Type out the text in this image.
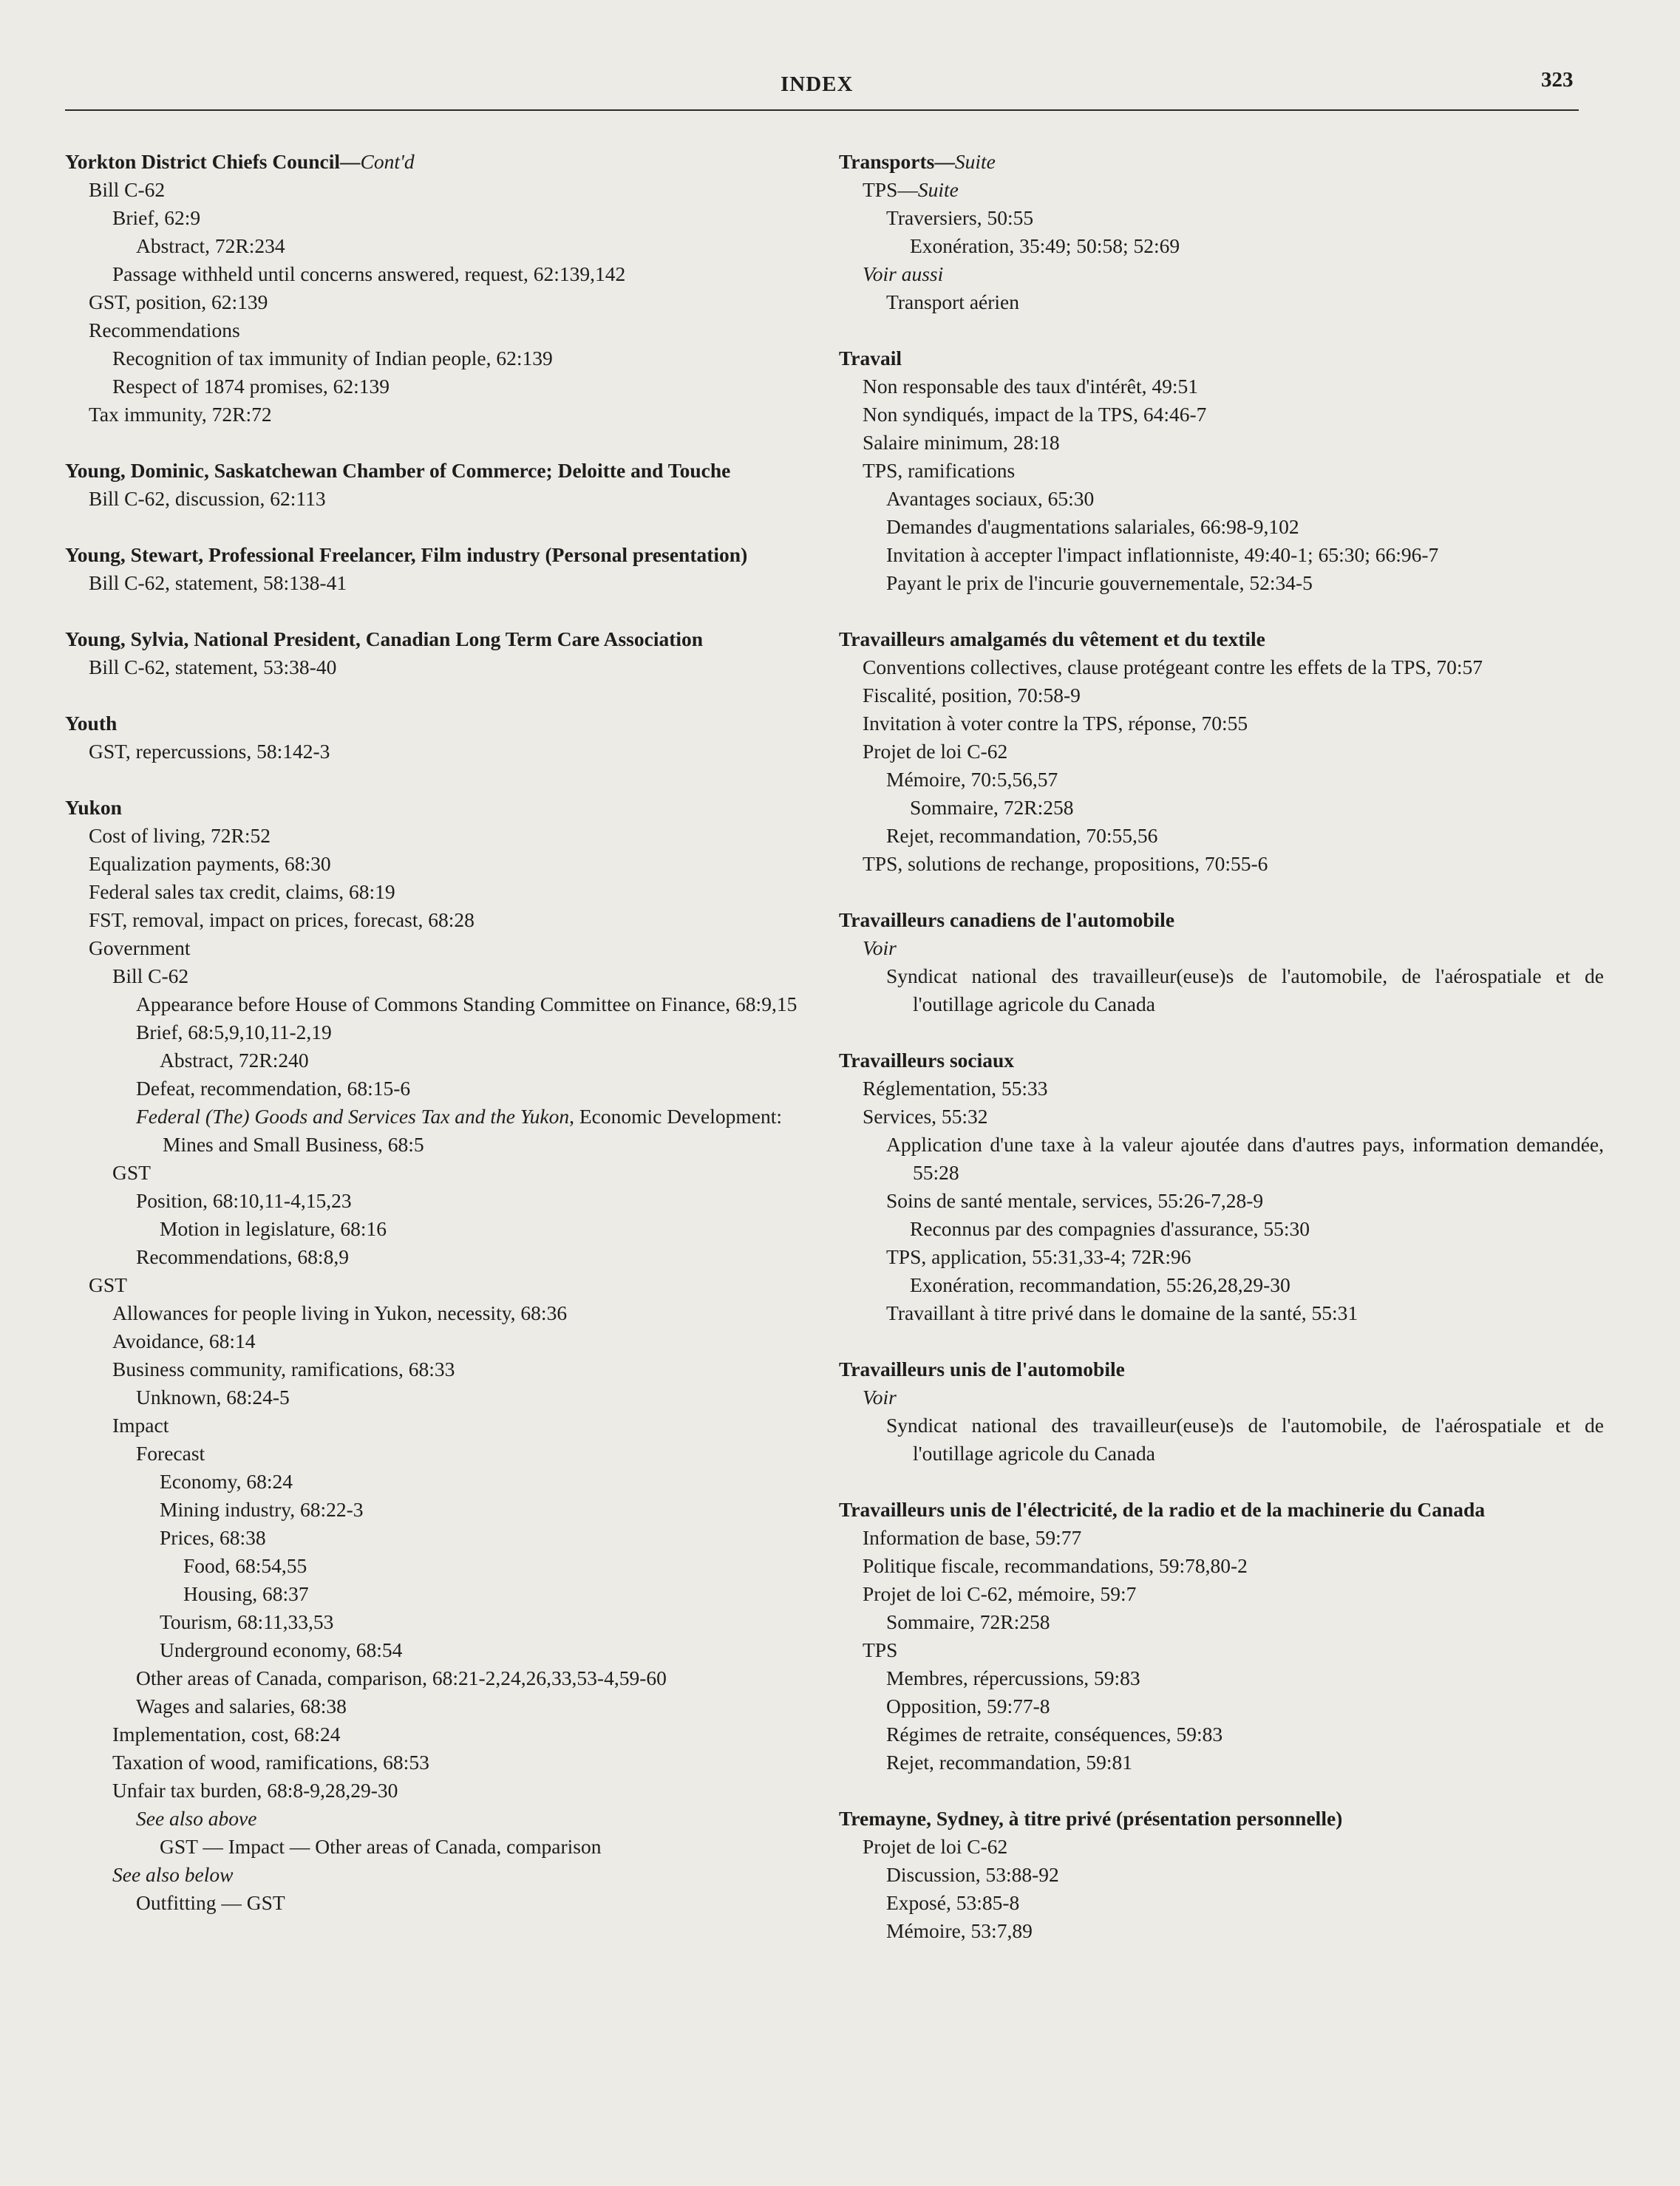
INDEX	323
Yorkton District Chiefs Council—Cont'd
Bill C-62
Brief, 62:9
Abstract, 72R:234
Passage withheld until concerns answered, request, 62:139,142
GST, position, 62:139
Recommendations
Recognition of tax immunity of Indian people, 62:139
Respect of 1874 promises, 62:139
Tax immunity, 72R:72
Young, Dominic, Saskatchewan Chamber of Commerce; Deloitte and Touche
Bill C-62, discussion, 62:113
Young, Stewart, Professional Freelancer, Film industry (Personal presentation)
Bill C-62, statement, 58:138-41
Young, Sylvia, National President, Canadian Long Term Care Association
Bill C-62, statement, 53:38-40
Youth
GST, repercussions, 58:142-3
Yukon
Cost of living, 72R:52
Equalization payments, 68:30
Federal sales tax credit, claims, 68:19
FST, removal, impact on prices, forecast, 68:28
Government
Bill C-62
Appearance before House of Commons Standing Committee on Finance, 68:9,15
Brief, 68:5,9,10,11-2,19
Abstract, 72R:240
Defeat, recommendation, 68:15-6
Federal (The) Goods and Services Tax and the Yukon, Economic Development: Mines and Small Business, 68:5
GST
Position, 68:10,11-4,15,23
Motion in legislature, 68:16
Recommendations, 68:8,9
GST
Allowances for people living in Yukon, necessity, 68:36
Avoidance, 68:14
Business community, ramifications, 68:33
Unknown, 68:24-5
Impact
Forecast
Economy, 68:24
Mining industry, 68:22-3
Prices, 68:38
Food, 68:54,55
Housing, 68:37
Tourism, 68:11,33,53
Underground economy, 68:54
Other areas of Canada, comparison, 68:21-2,24,26,33,53-4,59-60
Wages and salaries, 68:38
Implementation, cost, 68:24
Taxation of wood, ramifications, 68:53
Unfair tax burden, 68:8-9,28,29-30
See also above
GST — Impact — Other areas of Canada, comparison
See also below
Outfitting — GST
Transports—Suite
TPS—Suite
Traversiers, 50:55
Exonération, 35:49; 50:58; 52:69
Voir aussi
Transport aérien
Travail
Non responsable des taux d'intérêt, 49:51
Non syndiqués, impact de la TPS, 64:46-7
Salaire minimum, 28:18
TPS, ramifications
Avantages sociaux, 65:30
Demandes d'augmentations salariales, 66:98-9,102
Invitation à accepter l'impact inflationniste, 49:40-1; 65:30; 66:96-7
Payant le prix de l'incurie gouvernementale, 52:34-5
Travailleurs amalgamés du vêtement et du textile
Conventions collectives, clause protégeant contre les effets de la TPS, 70:57
Fiscalité, position, 70:58-9
Invitation à voter contre la TPS, réponse, 70:55
Projet de loi C-62
Mémoire, 70:5,56,57
Sommaire, 72R:258
Rejet, recommandation, 70:55,56
TPS, solutions de rechange, propositions, 70:55-6
Travailleurs canadiens de l'automobile
Voir
Syndicat national des travailleur(euse)s de l'automobile, de l'aérospatiale et de l'outillage agricole du Canada
Travailleurs sociaux
Réglementation, 55:33
Services, 55:32
Application d'une taxe à la valeur ajoutée dans d'autres pays, information demandée, 55:28
Soins de santé mentale, services, 55:26-7,28-9
Reconnus par des compagnies d'assurance, 55:30
TPS, application, 55:31,33-4; 72R:96
Exonération, recommandation, 55:26,28,29-30
Travaillant à titre privé dans le domaine de la santé, 55:31
Travailleurs unis de l'automobile
Voir
Syndicat national des travailleur(euse)s de l'automobile, de l'aérospatiale et de l'outillage agricole du Canada
Travailleurs unis de l'électricité, de la radio et de la machinerie du Canada
Information de base, 59:77
Politique fiscale, recommandations, 59:78,80-2
Projet de loi C-62, mémoire, 59:7
Sommaire, 72R:258
TPS
Membres, répercussions, 59:83
Opposition, 59:77-8
Régimes de retraite, conséquences, 59:83
Rejet, recommandation, 59:81
Tremayne, Sydney, à titre privé (présentation personnelle)
Projet de loi C-62
Discussion, 53:88-92
Exposé, 53:85-8
Mémoire, 53:7,89
